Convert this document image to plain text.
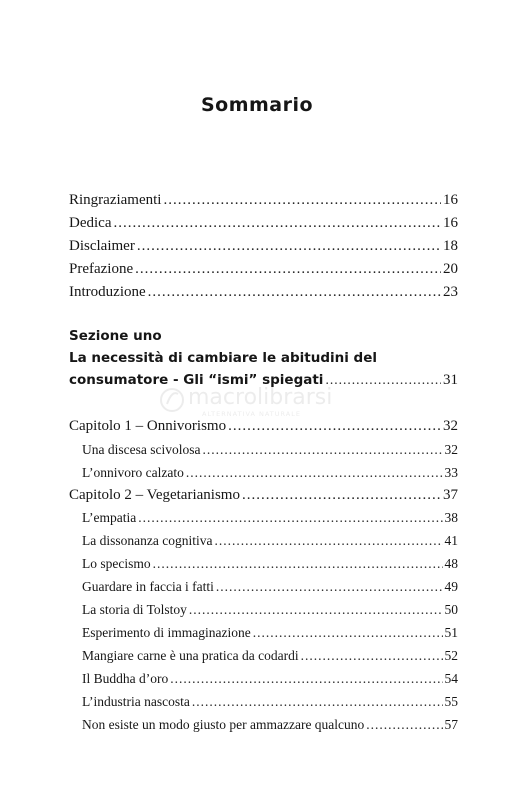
Sommario
Ringraziamenti .....	16
Dedica .....	16
Disclaimer .....	18
Prefazione .....	20
Introduzione .....	23
Sezione uno
La necessità di cambiare le abitudini del
consumatore - Gli “ismi” spiegati .....	31
Capitolo 1 – Onnivorismo .....	32
Una discesa scivolosa .....	32
L’onnivoro calzato .....	33
Capitolo 2 – Vegetarianismo .....	37
L’empatia .....	38
La dissonanza cognitiva .....	41
Lo specismo .....	48
Guardare in faccia i fatti .....	49
La storia di Tolstoy .....	50
Esperimento di immaginazione .....	51
Mangiare carne è una pratica da codardi .....	52
Il Buddha d’oro .....	54
L’industria nascosta .....	55
Non esiste un modo giusto per ammazzare qualcuno .....	57
macrolibrarsi
ALTERNATIVA NATURALE
